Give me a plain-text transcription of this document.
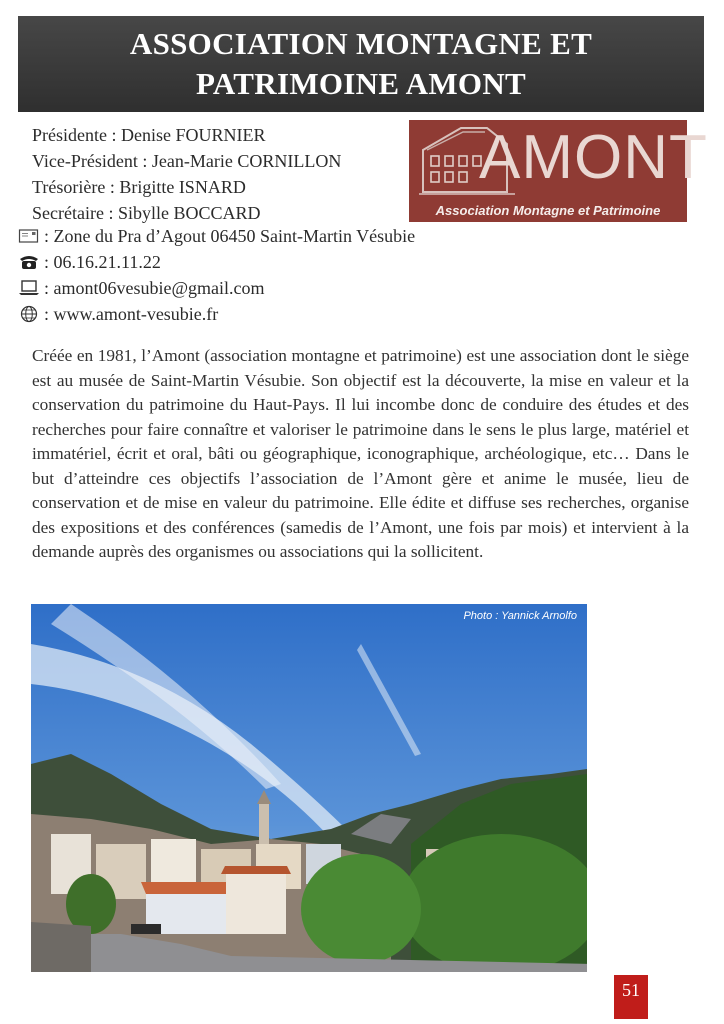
ASSOCIATION MONTAGNE ET
PATRIMOINE AMONT
Présidente : Denise FOURNIER
Vice-Président : Jean-Marie CORNILLON
Trésorière : Brigitte ISNARD
Secrétaire : Sibylle BOCCARD
: Zone du Pra d’Agout 06450 Saint-Martin Vésubie
: 06.16.21.11.22
: amont06vesubie@gmail.com
: www.amont-vesubie.fr
AMONT
Association Montagne et Patrimoine

Créée en 1981, l’Amont (association montagne et patrimoine) est une association dont le siège est au musée de Saint-Martin Vésubie. Son objectif est la découverte, la mise en valeur et la conservation du patrimoine du Haut-Pays. Il lui incombe donc de conduire des études et des recherches pour faire connaître et valoriser le patrimoine dans le sens le plus large, matériel et immatériel, écrit et oral, bâti ou géographique, iconographique, archéologique, etc… Dans le but d’atteindre ces objectifs l’association de l’Amont gère et anime le musée, lieu de conservation et de mise en valeur du patrimoine. Elle édite et diffuse ses recherches, organise des expositions et des conférences (samedis de l’Amont, une fois par mois) et intervient à la demande auprès des organismes ou associations qui la sollicitent.

Photo : Yannick Arnolfo
51
